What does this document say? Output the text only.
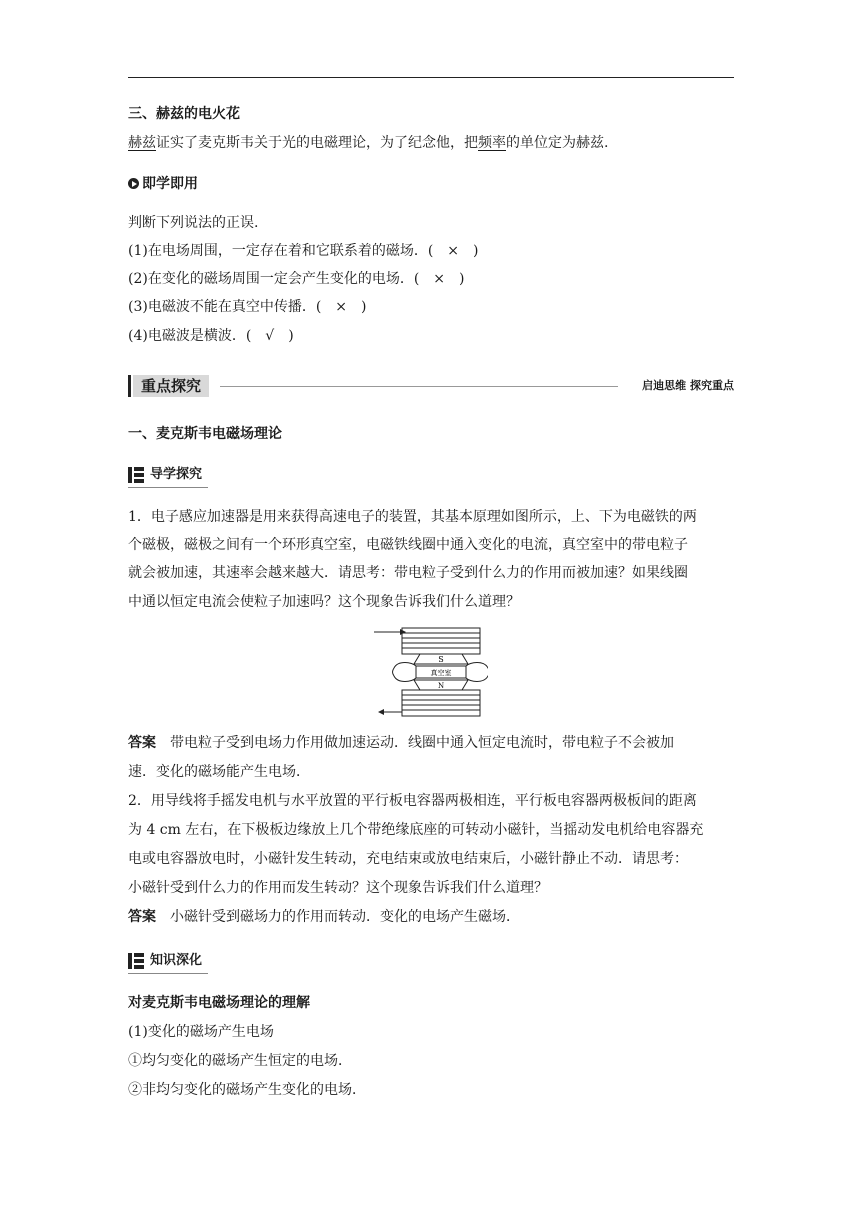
三、赫兹的电火花
赫兹证实了麦克斯韦关于光的电磁理论，为了纪念他，把频率的单位定为赫兹.
即学即用
判断下列说法的正误.
(1)在电场周围，一定存在着和它联系着的磁场．( × )
(2)在变化的磁场周围一定会产生变化的电场．( × )
(3)电磁波不能在真空中传播．( × )
(4)电磁波是横波．( √ )
重点探究	启迪思维 探究重点
一、麦克斯韦电磁场理论
导学探究
1．电子感应加速器是用来获得高速电子的装置，其基本原理如图所示，上、下为电磁铁的两
个磁极，磁极之间有一个环形真空室，电磁铁线圈中通入变化的电流，真空室中的带电粒子
就会被加速，其速率会越来越大．请思考：带电粒子受到什么力的作用而被加速？如果线圈
中通以恒定电流会使粒子加速吗？这个现象告诉我们什么道理？
S
真空室
N
答案 带电粒子受到电场力作用做加速运动．线圈中通入恒定电流时，带电粒子不会被加
速．变化的磁场能产生电场．
2．用导线将手摇发电机与水平放置的平行板电容器两极相连，平行板电容器两极板间的距离
为 4 cm 左右，在下极板边缘放上几个带绝缘底座的可转动小磁针，当摇动发电机给电容器充
电或电容器放电时，小磁针发生转动，充电结束或放电结束后，小磁针静止不动．请思考：
小磁针受到什么力的作用而发生转动？这个现象告诉我们什么道理？
答案 小磁针受到磁场力的作用而转动．变化的电场产生磁场．
知识深化
对麦克斯韦电磁场理论的理解
(1)变化的磁场产生电场
①均匀变化的磁场产生恒定的电场．
②非均匀变化的磁场产生变化的电场．
